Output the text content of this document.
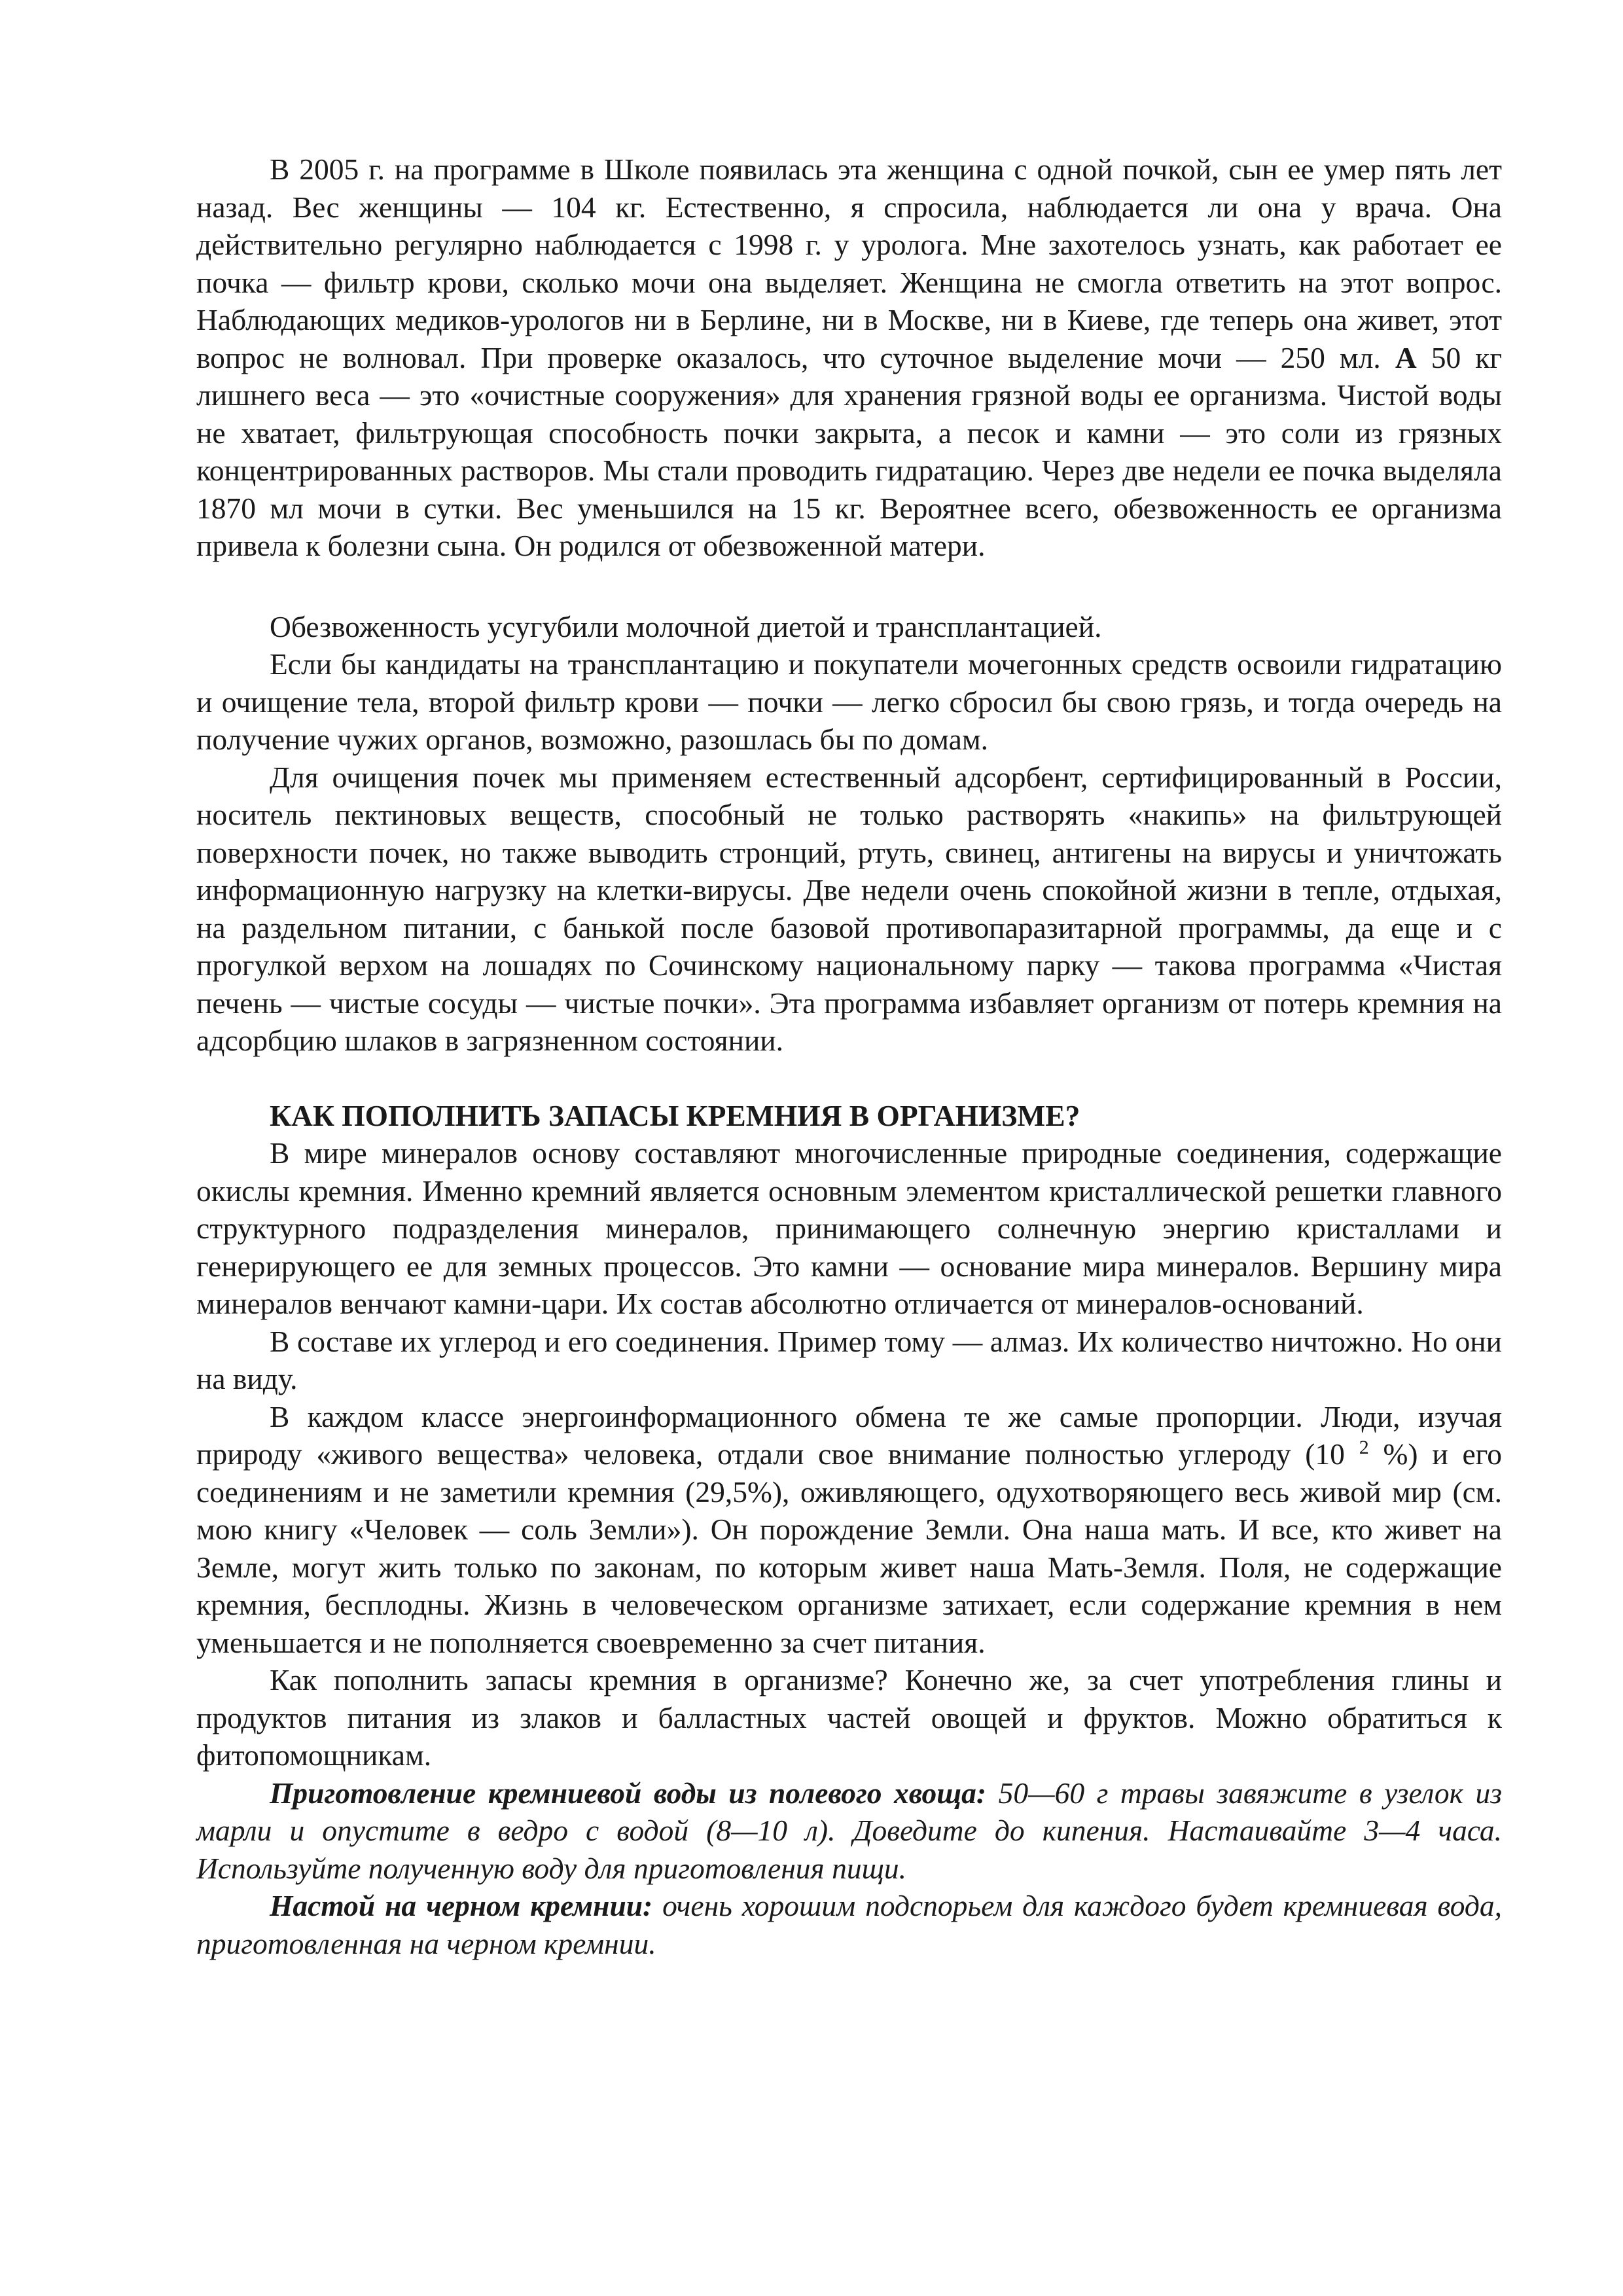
В 2005 г. на программе в Школе появилась эта женщина с одной почкой, сын ее умер пять лет назад. Вес женщины — 104 кг. Естественно, я спросила, наблюдается ли она у врача. Она действительно регулярно наблюдается с 1998 г. у уролога. Мне захотелось узнать, как работает ее почка — фильтр крови, сколько мочи она выделяет. Женщина не смогла ответить на этот вопрос. Наблюдающих медиков-урологов ни в Берлине, ни в Москве, ни в Киеве, где теперь она живет, этот вопрос не волновал. При проверке оказалось, что суточное выделение мочи — 250 мл. А 50 кг лишнего веса — это «очистные сооружения» для хранения грязной воды ее организма. Чистой воды не хватает, фильтрующая способность почки закрыта, а песок и камни — это соли из грязных концентрированных растворов. Мы стали проводить гидратацию. Через две недели ее почка выделяла 1870 мл мочи в сутки. Вес уменьшился на 15 кг. Вероятнее всего, обезвоженность ее организма привела к болезни сына. Он родился от обезвоженной матери.

Обезвоженность усугубили молочной диетой и трансплантацией.

Если бы кандидаты на трансплантацию и покупатели мочегонных средств освоили гидратацию и очищение тела, второй фильтр крови — почки — легко сбросил бы свою грязь, и тогда очередь на получение чужих органов, возможно, разошлась бы по домам.

Для очищения почек мы применяем естественный адсорбент, сертифицированный в России, носитель пектиновых веществ, способный не только растворять «накипь» на фильтрующей поверхности почек, но также выводить стронций, ртуть, свинец, антигены на вирусы и уничтожать информационную нагрузку на клетки-вирусы. Две недели очень спокойной жизни в тепле, отдыхая, на раздельном питании, с банькой после базовой противопаразитарной программы, да еще и с прогулкой верхом на лошадях по Сочинскому национальному парку — такова программа «Чистая печень — чистые сосуды — чистые почки». Эта программа избавляет организм от потерь кремния на адсорбцию шлаков в загрязненном состоянии.

КАК ПОПОЛНИТЬ ЗАПАСЫ КРЕМНИЯ В ОРГАНИЗМЕ?

В мире минералов основу составляют многочисленные природные соединения, содержащие окислы кремния. Именно кремний является основным элементом кристаллической решетки главного структурного подразделения минералов, принимающего солнечную энергию кристаллами и генерирующего ее для земных процессов. Это камни — основание мира минералов. Вершину мира минералов венчают камни-цари. Их состав абсолютно отличается от минералов-оснований.

В составе их углерод и его соединения. Пример тому — алмаз. Их количество ничтожно. Но они на виду.

В каждом классе энергоинформационного обмена те же самые пропорции. Люди, изучая природу «живого вещества» человека, отдали свое внимание полностью углероду (10 $^2$ %) и его соединениям и не заметили кремния (29,5%), оживляющего, одухотворяющего весь живой мир (см. мою книгу «Человек — соль Земли»). Он порождение Земли. Она наша мать. И все, кто живет на Земле, могут жить только по законам, по которым живет наша Мать-Земля. Поля, не содержащие кремния, бесплодны. Жизнь в человеческом организме затихает, если содержание кремния в нем уменьшается и не пополняется своевременно за счет питания.

Как пополнить запасы кремния в организме? Конечно же, за счет употребления глины и продуктов питания из злаков и балластных частей овощей и фруктов. Можно обратиться к фитопомощникам.

Приготовление кремниевой воды из полевого хвоща: 50—60 г травы завяжите в узелок из марли и опустите в ведро с водой (8—10 л). Доведите до кипения. Настаивайте 3—4 часа. Используйте полученную воду для приготовления пищи.

Настой на черном кремнии: очень хорошим подспорьем для каждого будет кремниевая вода, приготовленная на черном кремнии.
